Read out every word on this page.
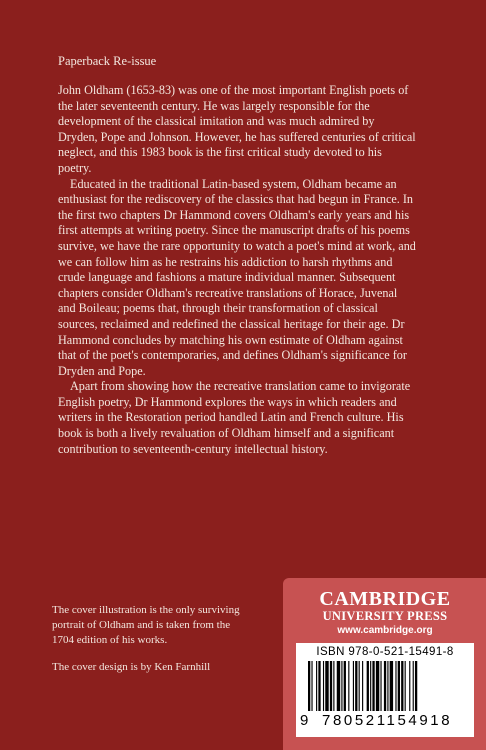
Paperback Re-issue

John Oldham (1653-83) was one of the most important English poets of the later seventeenth century. He was largely responsible for the development of the classical imitation and was much admired by Dryden, Pope and Johnson. However, he has suffered centuries of critical neglect, and this 1983 book is the first critical study devoted to his poetry.

Educated in the traditional Latin-based system, Oldham became an enthusiast for the rediscovery of the classics that had begun in France. In the first two chapters Dr Hammond covers Oldham's early years and his first attempts at writing poetry. Since the manuscript drafts of his poems survive, we have the rare opportunity to watch a poet's mind at work, and we can follow him as he restrains his addiction to harsh rhythms and crude language and fashions a mature individual manner. Subsequent chapters consider Oldham's recreative translations of Horace, Juvenal and Boileau; poems that, through their transformation of classical sources, reclaimed and redefined the classical heritage for their age. Dr Hammond concludes by matching his own estimate of Oldham against that of the poet's contemporaries, and defines Oldham's significance for Dryden and Pope.

Apart from showing how the recreative translation came to invigorate English poetry, Dr Hammond explores the ways in which readers and writers in the Restoration period handled Latin and French culture. His book is both a lively revaluation of Oldham himself and a significant contribution to seventeenth-century intellectual history.

The cover illustration is the only surviving portrait of Oldham and is taken from the 1704 edition of his works.

The cover design is by Ken Farnhill

CAMBRIDGE
UNIVERSITY PRESS
www.cambridge.org
ISBN 978-0-521-15491-8
9 780521154918
